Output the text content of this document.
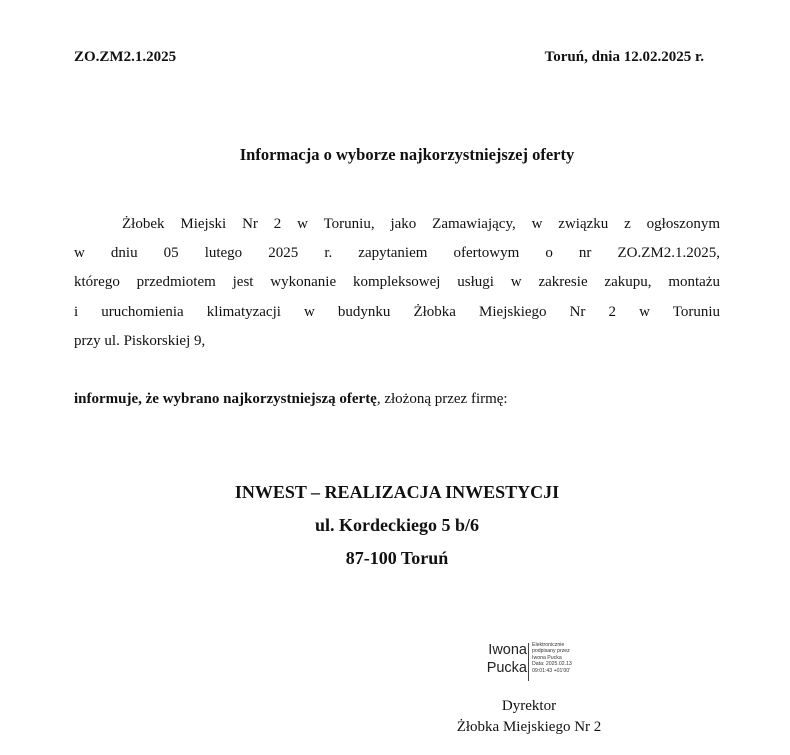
ZO.ZM2.1.2025	Toruń, dnia 12.02.2025 r.
Informacja o wyborze najkorzystniejszej oferty
Żłobek Miejski Nr 2 w Toruniu, jako Zamawiający, w związku z ogłoszonym
w dniu 05 lutego 2025 r. zapytaniem ofertowym o nr ZO.ZM2.1.2025,
którego przedmiotem jest wykonanie kompleksowej usługi w zakresie zakupu, montażu
i uruchomienia klimatyzacji w budynku Żłobka Miejskiego Nr 2 w Toruniu
przy ul. Piskorskiej 9,
informuje, że wybrano najkorzystniejszą ofertę, złożoną przez firmę:
INWEST – REALIZACJA INWESTYCJI
ul. Kordeckiego 5 b/6
87-100 Toruń
Iwona
Pucka
Elektronicznie
podpisany przez
Iwona Pucka
Data: 2025.02.13
09:01:43 +01'00'
Dyrektor
Żłobka Miejskiego Nr 2
